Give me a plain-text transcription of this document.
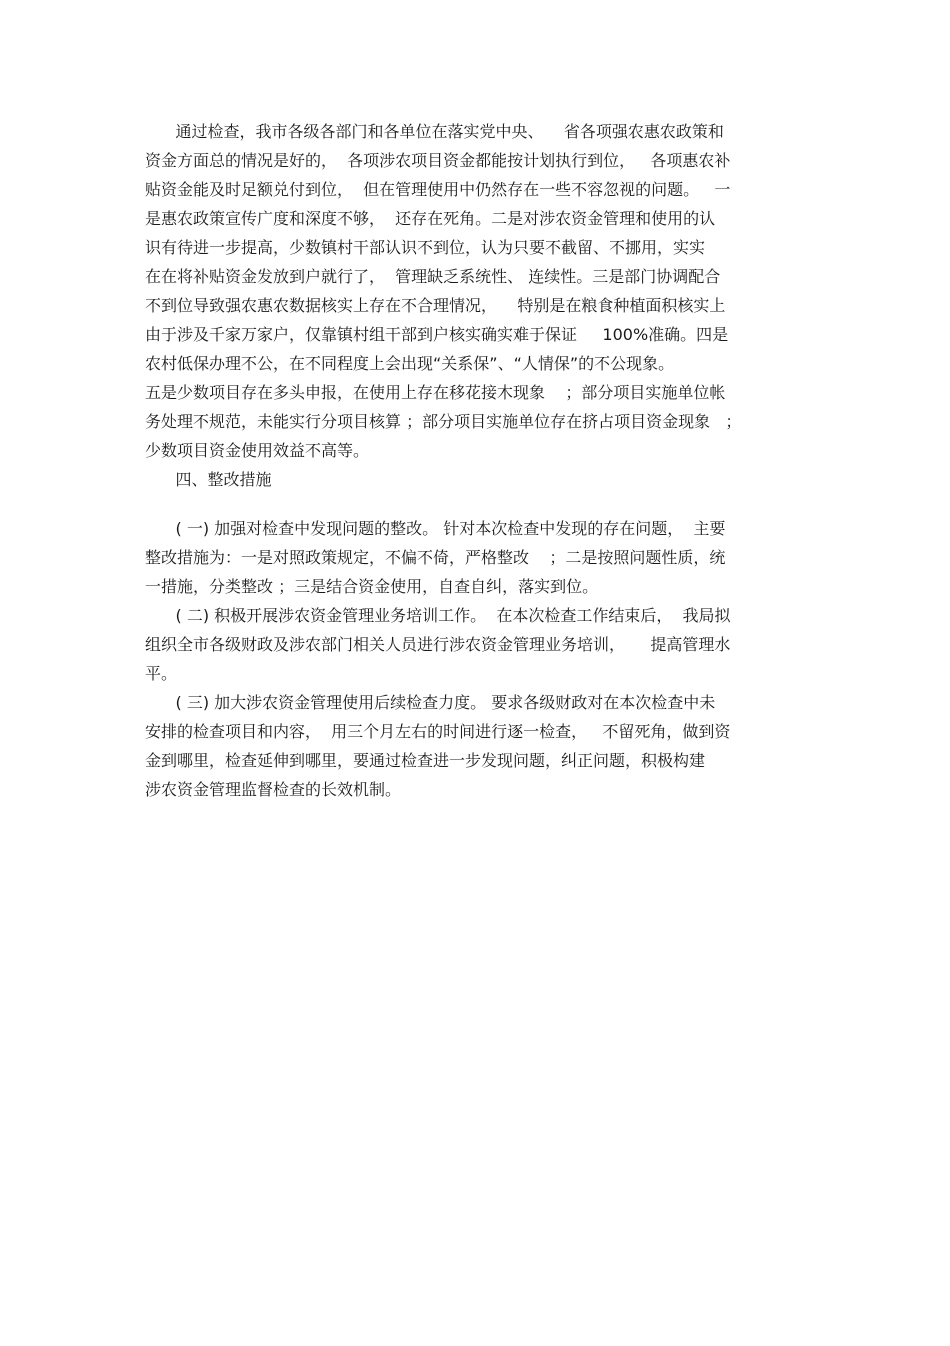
通过检查，我市各级各部门和各单位在落实党中央、    省各项强农惠农政策和
资金方面总的情况是好的，  各项涉农项目资金都能按计划执行到位，   各项惠农补
贴资金能及时足额兑付到位，  但在管理使用中仍然存在一些不容忽视的问题。   一
是惠农政策宣传广度和深度不够，  还存在死角。二是对涉农资金管理和使用的认
识有待进一步提高，少数镇村干部认识不到位，认为只要不截留、不挪用，实实
在在将补贴资金发放到户就行了，  管理缺乏系统性、 连续性。三是部门协调配合
不到位导致强农惠农数据核实上存在不合理情况，    特别是在粮食种植面积核实上
由于涉及千家万家户，仅靠镇村组干部到户核实确实难于保证     100%准确。四是
农村低保办理不公，在不同程度上会出现“关系保”、“人情保”的不公现象。
五是少数项目存在多头申报，在使用上存在移花接木现象    ；部分项目实施单位帐
务处理不规范，未能实行分项目核算 ；部分项目实施单位存在挤占项目资金现象   ；
少数项目资金使用效益不高等。
四、整改措施
( 一) 加强对检查中发现问题的整改。 针对本次检查中发现的存在问题，  主要
整改措施为：一是对照政策规定，不偏不倚，严格整改    ；二是按照问题性质，统
一措施，分类整改 ；三是结合资金使用，自查自纠，落实到位。
( 二) 积极开展涉农资金管理业务培训工作。  在本次检查工作结束后，  我局拟
组织全市各级财政及涉农部门相关人员进行涉农资金管理业务培训，     提高管理水
平。
( 三) 加大涉农资金管理使用后续检查力度。 要求各级财政对在本次检查中未
安排的检查项目和内容，  用三个月左右的时间进行逐一检查，   不留死角，做到资
金到哪里，检查延伸到哪里，要通过检查进一步发现问题，纠正问题，积极构建
涉农资金管理监督检查的长效机制。
